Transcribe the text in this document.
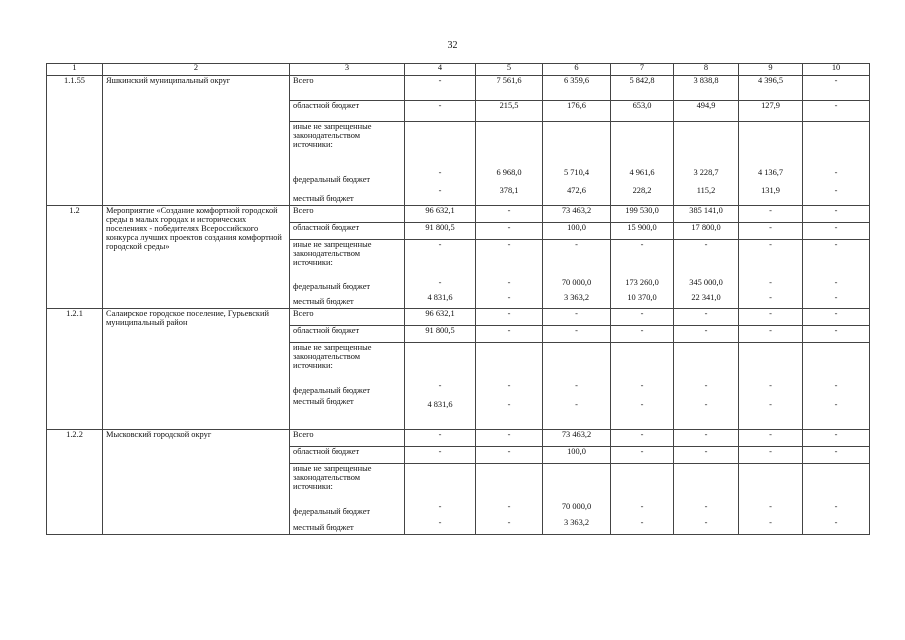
32
1	2	3	4	5	6	7	8	9	10
1.1.55	Яшкинский муниципальный округ	Всего	-	7 561,6	6 359,6	5 842,8	3 838,8	4 396,5	-
		областной бюджет	-	215,5	176,6	653,0	494,9	127,9	-
		иные не запрещенные законодательством источники:							
		федеральный бюджет	-	6 968,0	5 710,4	4 961,6	3 228,7	4 136,7	-
		местный бюджет	-	378,1	472,6	228,2	115,2	131,9	-
1.2	Мероприятие «Создание комфортной городской среды в малых городах и исторических поселениях - победителях Всероссийского конкурса лучших проектов создания комфортной городской среды»	Всего	96 632,1	-	73 463,2	199 530,0	385 141,0	-	-
		областной бюджет	91 800,5	-	100,0	15 900,0	17 800,0	-	-
		иные не запрещенные законодательством источники:	-	-	-	-	-	-	-
		федеральный бюджет	-	-	70 000,0	173 260,0	345 000,0	-	-
		местный бюджет	4 831,6	-	3 363,2	10 370,0	22 341,0	-	-
1.2.1	Салаирское городское поселение, Гурьевский муниципальный район	Всего	96 632,1	-	-	-	-	-	-
		областной бюджет	91 800,5	-	-	-	-	-	-
		иные не запрещенные законодательством источники:							
		федеральный бюджет	-	-	-	-	-	-	-
		местный бюджет	4 831,6	-	-	-	-	-	-
1.2.2	Мысковский городской округ	Всего	-	-	73 463,2	-	-	-	-
		областной бюджет	-	-	100,0	-	-	-	-
		иные не запрещенные законодательством источники:							
		федеральный бюджет	-	-	70 000,0	-	-	-	-
		местный бюджет	-	-	3 363,2	-	-	-	-
